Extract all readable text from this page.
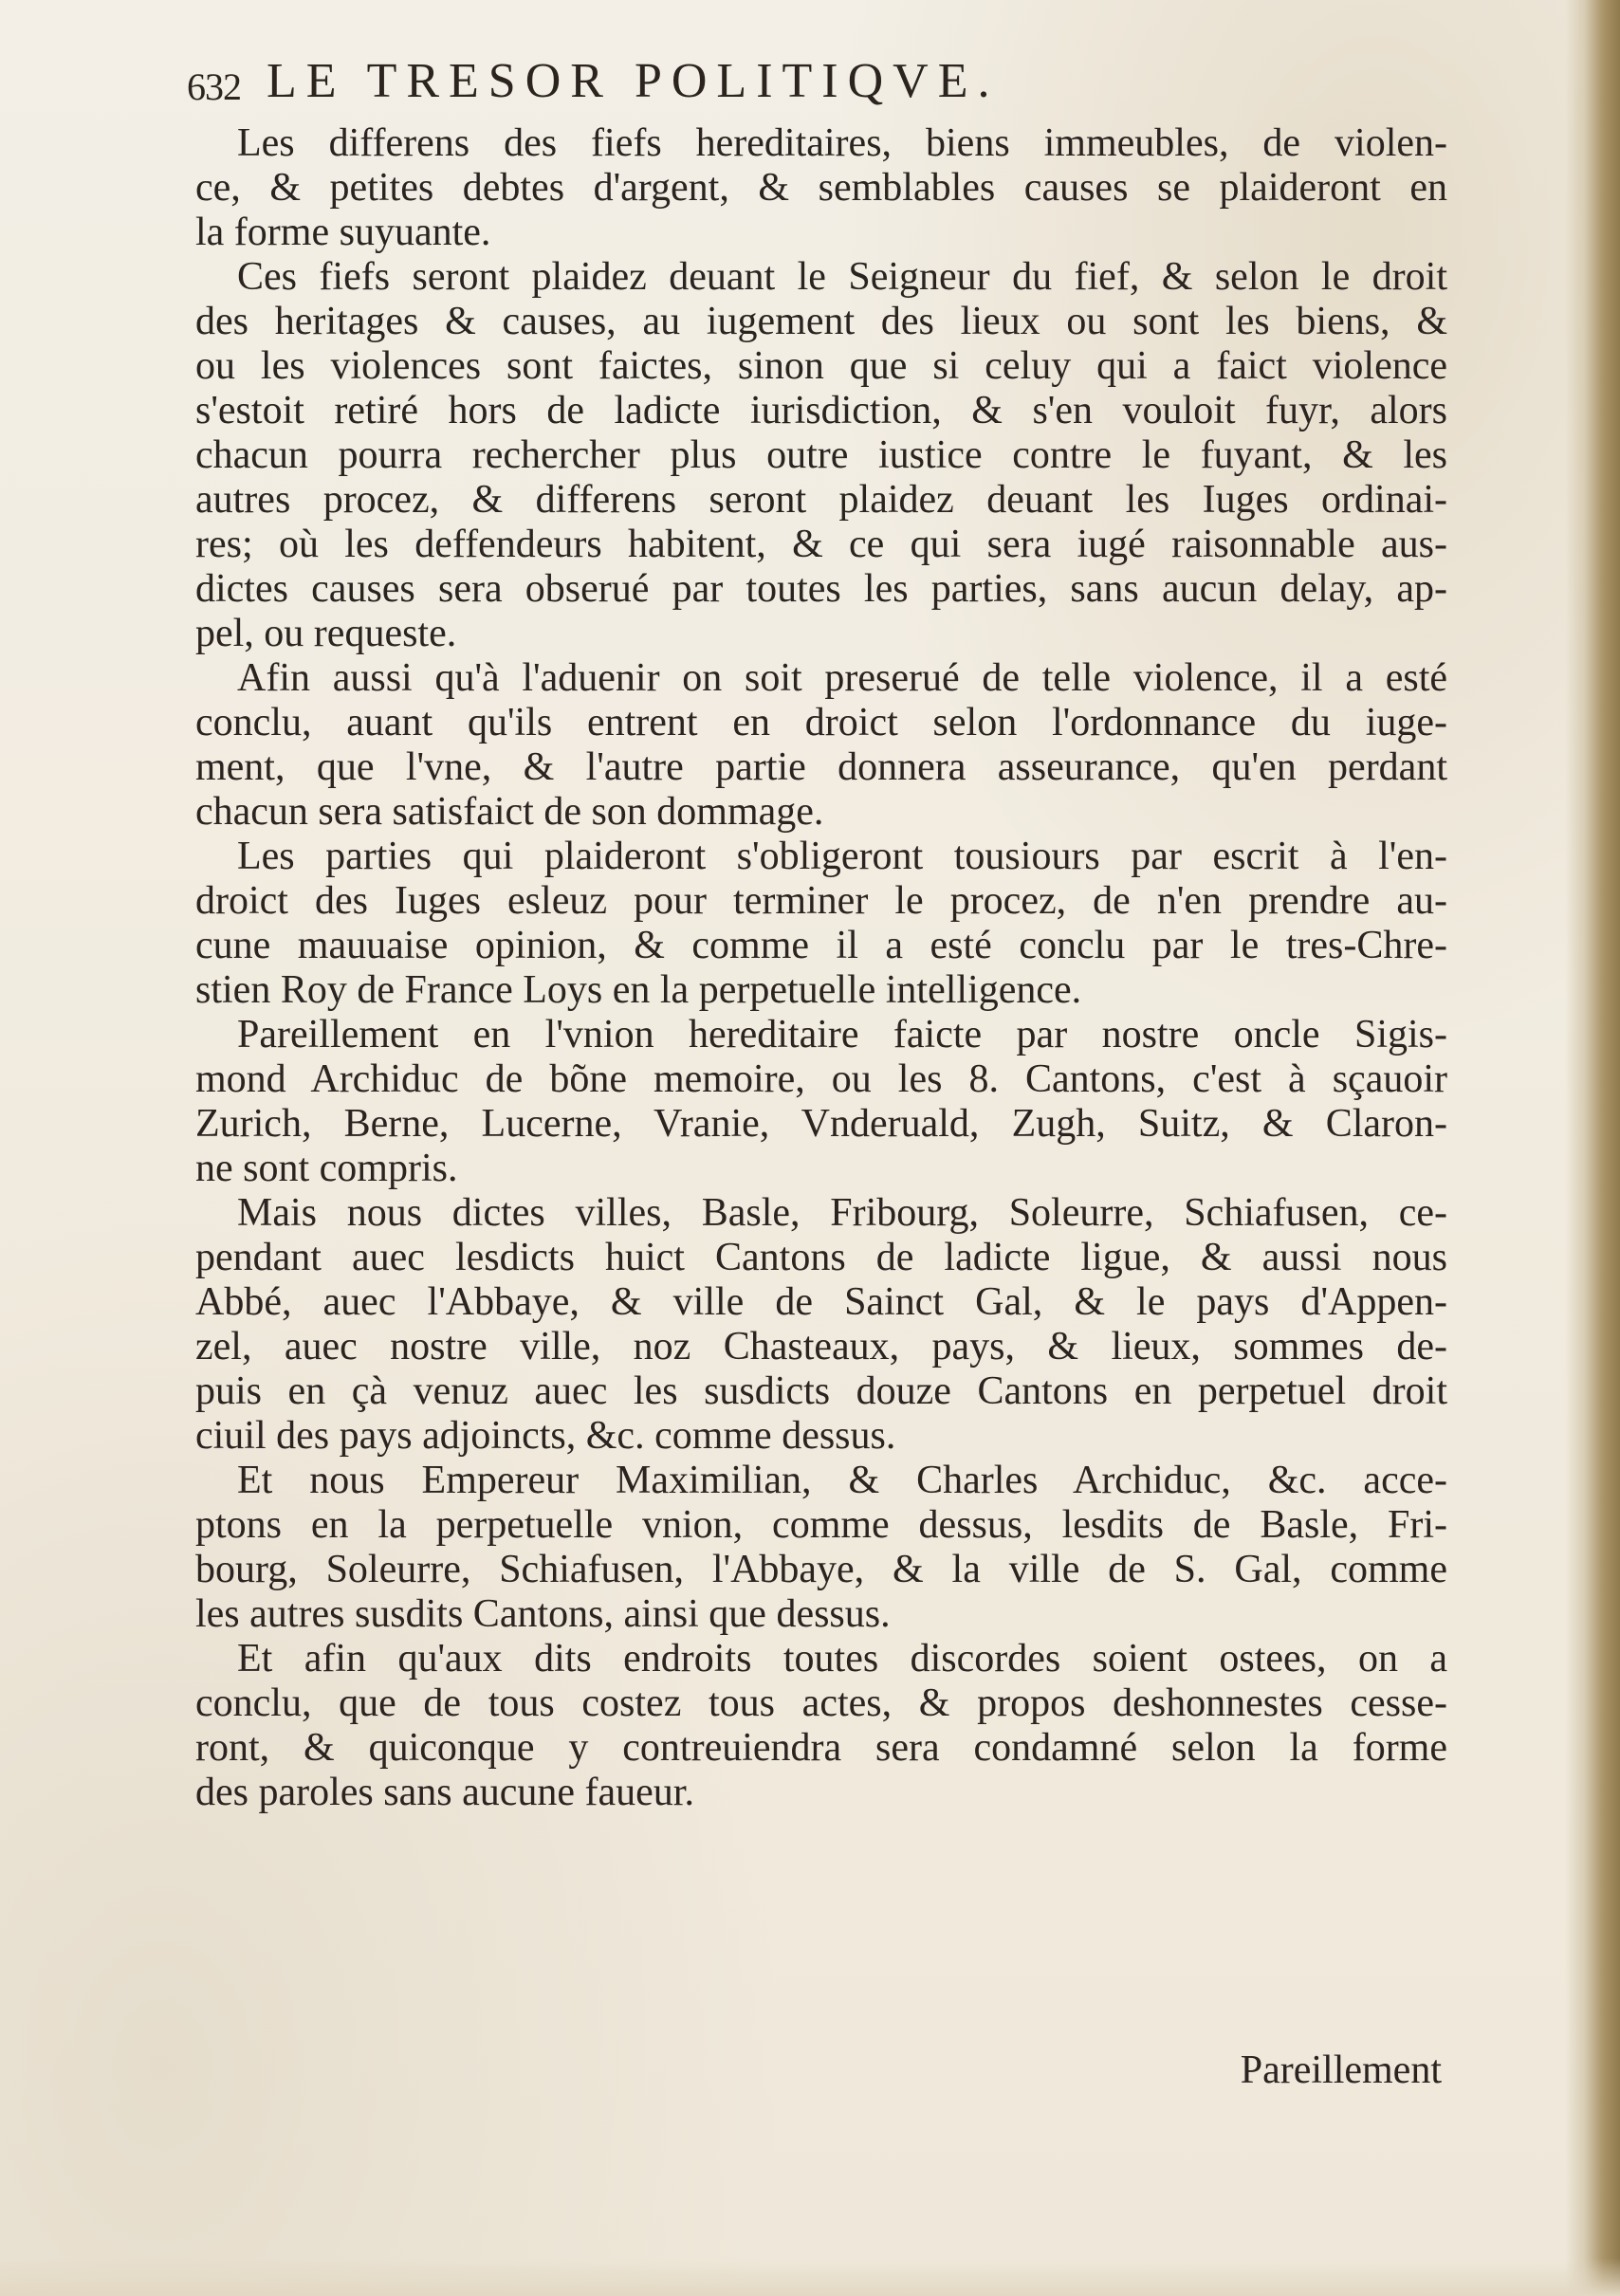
632 LE TRESOR POLITIQVE.
Les differens des fiefs hereditaires, biens immeubles, de violen-
ce, & petites debtes d'argent, & semblables causes se plaideront en
la forme suyuante.
Ces fiefs seront plaidez deuant le Seigneur du fief, & selon le droit
des heritages & causes, au iugement des lieux ou sont les biens, &
ou les violences sont faictes, sinon que si celuy qui a faict violence
s'estoit retiré hors de ladicte iurisdiction, & s'en vouloit fuyr, alors
chacun pourra rechercher plus outre iustice contre le fuyant, & les
autres procez, & differens seront plaidez deuant les Iuges ordinai-
res; où les deffendeurs habitent, & ce qui sera iugé raisonnable aus-
dictes causes sera obserué par toutes les parties, sans aucun delay, ap-
pel, ou requeste.
Afin aussi qu'à l'aduenir on soit preserué de telle violence, il a esté
conclu, auant qu'ils entrent en droict selon l'ordonnance du iuge-
ment, que l'vne, & l'autre partie donnera asseurance, qu'en perdant
chacun sera satisfaict de son dommage.
Les parties qui plaideront s'obligeront tousiours par escrit à l'en-
droict des Iuges esleuz pour terminer le procez, de n'en prendre au-
cune mauuaise opinion, & comme il a esté conclu par le tres-Chre-
stien Roy de France Loys en la perpetuelle intelligence.
Pareillement en l'vnion hereditaire faicte par nostre oncle Sigis-
mond Archiduc de bõne memoire, ou les 8. Cantons, c'est à sçauoir
Zurich, Berne, Lucerne, Vranie, Vnderuald, Zugh, Suitz, & Claron-
ne sont compris.
Mais nous dictes villes, Basle, Fribourg, Soleurre, Schiafusen, ce-
pendant auec lesdicts huict Cantons de ladicte ligue, & aussi nous
Abbé, auec l'Abbaye, & ville de Sainct Gal, & le pays d'Appen-
zel, auec nostre ville, noz Chasteaux, pays, & lieux, sommes de-
puis en çà venuz auec les susdicts douze Cantons en perpetuel droit
ciuil des pays adjoincts, &c. comme dessus.
Et nous Empereur Maximilian, & Charles Archiduc, &c. acce-
ptons en la perpetuelle vnion, comme dessus, lesdits de Basle, Fri-
bourg, Soleurre, Schiafusen, l'Abbaye, & la ville de S. Gal, comme
les autres susdits Cantons, ainsi que dessus.
Et afin qu'aux dits endroits toutes discordes soient ostees, on a
conclu, que de tous costez tous actes, & propos deshonnestes cesse-
ront, & quiconque y contreuiendra sera condamné selon la forme
des paroles sans aucune faueur.
Pareillement
